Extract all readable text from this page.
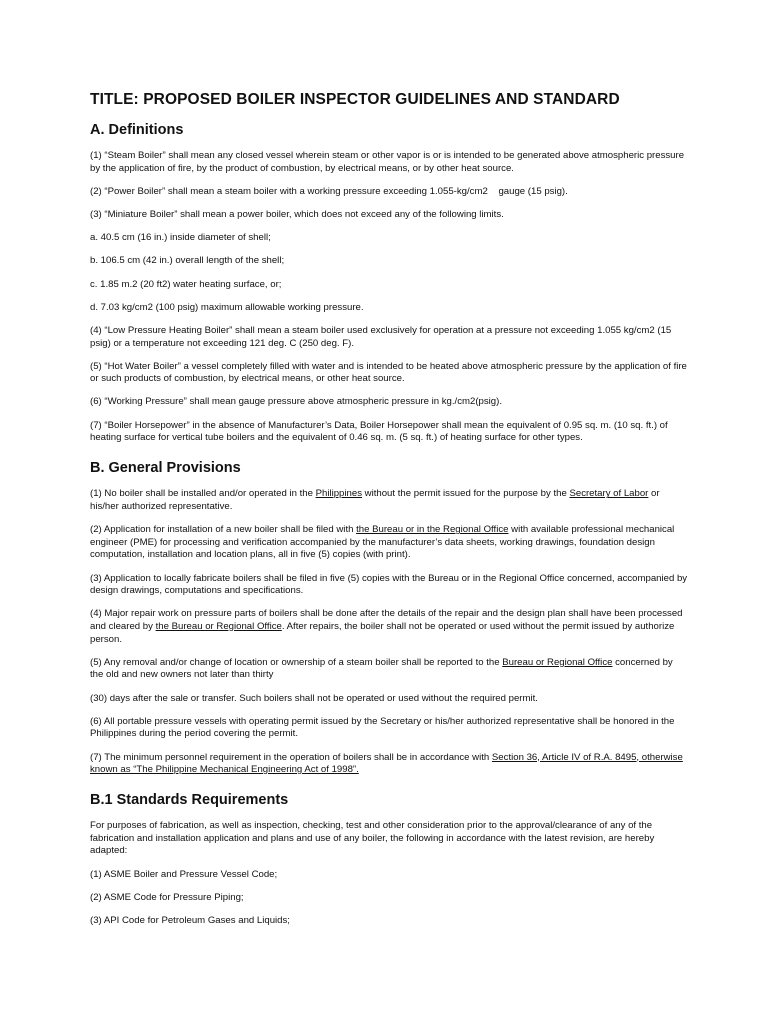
TITLE: PROPOSED BOILER INSPECTOR GUIDELINES AND STANDARD
A. Definitions

(1) “Steam Boiler” shall mean any closed vessel wherein steam or other vapor is or is intended to be generated above atmospheric pressure by the application of fire, by the product of combustion, by electrical means, or by other heat source.

(2) “Power Boiler” shall mean a steam boiler with a working pressure exceeding 1.055-kg/cm2    gauge (15 psig).

(3) “Miniature Boiler” shall mean a power boiler, which does not exceed any of the following limits.

a. 40.5 cm (16 in.) inside diameter of shell;

b. 106.5 cm (42 in.) overall length of the shell;

c. 1.85 m.2 (20 ft2) water heating surface, or;

d. 7.03 kg/cm2 (100 psig) maximum allowable working pressure.

(4) “Low Pressure Heating Boiler” shall mean a steam boiler used exclusively for operation at a pressure not exceeding 1.055 kg/cm2 (15 psig) or a temperature not exceeding 121 deg. C (250 deg. F).

(5) “Hot Water Boiler” a vessel completely filled with water and is intended to be heated above atmospheric pressure by the application of fire or such products of combustion, by electrical means, or other heat source.

(6) “Working Pressure” shall mean gauge pressure above atmospheric pressure in kg./cm2(psig).

(7) “Boiler Horsepower” in the absence of Manufacturer’s Data, Boiler Horsepower shall mean the equivalent of 0.95 sq. m. (10 sq. ft.) of heating surface for vertical tube boilers and the equivalent of 0.46 sq. m. (5 sq. ft.) of heating surface for other types.

B. General Provisions

(1) No boiler shall be installed and/or operated in the Philippines without the permit issued for the purpose by the Secretary of Labor or his/her authorized representative.

(2) Application for installation of a new boiler shall be filed with the Bureau or in the Regional Office with available professional mechanical engineer (PME) for processing and verification accompanied by the manufacturer’s data sheets, working drawings, foundation design computation, installation and location plans, all in five (5) copies (with print).

(3) Application to locally fabricate boilers shall be filed in five (5) copies with the Bureau or in the Regional Office concerned, accompanied by design drawings, computations and specifications.

(4) Major repair work on pressure parts of boilers shall be done after the details of the repair and the design plan shall have been processed and cleared by the Bureau or Regional Office. After repairs, the boiler shall not be operated or used without the permit issued by authorize person.

(5) Any removal and/or change of location or ownership of a steam boiler shall be reported to the Bureau or Regional Office concerned by the old and new owners not later than thirty

(30) days after the sale or transfer. Such boilers shall not be operated or used without the required permit.

(6) All portable pressure vessels with operating permit issued by the Secretary or his/her authorized representative shall be honored in the Philippines during the period covering the permit.

(7) The minimum personnel requirement in the operation of boilers shall be in accordance with Section 36, Article IV of R.A. 8495, otherwise known as “The Philippine Mechanical Engineering Act of 1998”.

B.1 Standards Requirements

For purposes of fabrication, as well as inspection, checking, test and other consideration prior to the approval/clearance of any of the fabrication and installation application and plans and use of any boiler, the following in accordance with the latest revision, are hereby adapted:

(1) ASME Boiler and Pressure Vessel Code;

(2) ASME Code for Pressure Piping;

(3) API Code for Petroleum Gases and Liquids;
